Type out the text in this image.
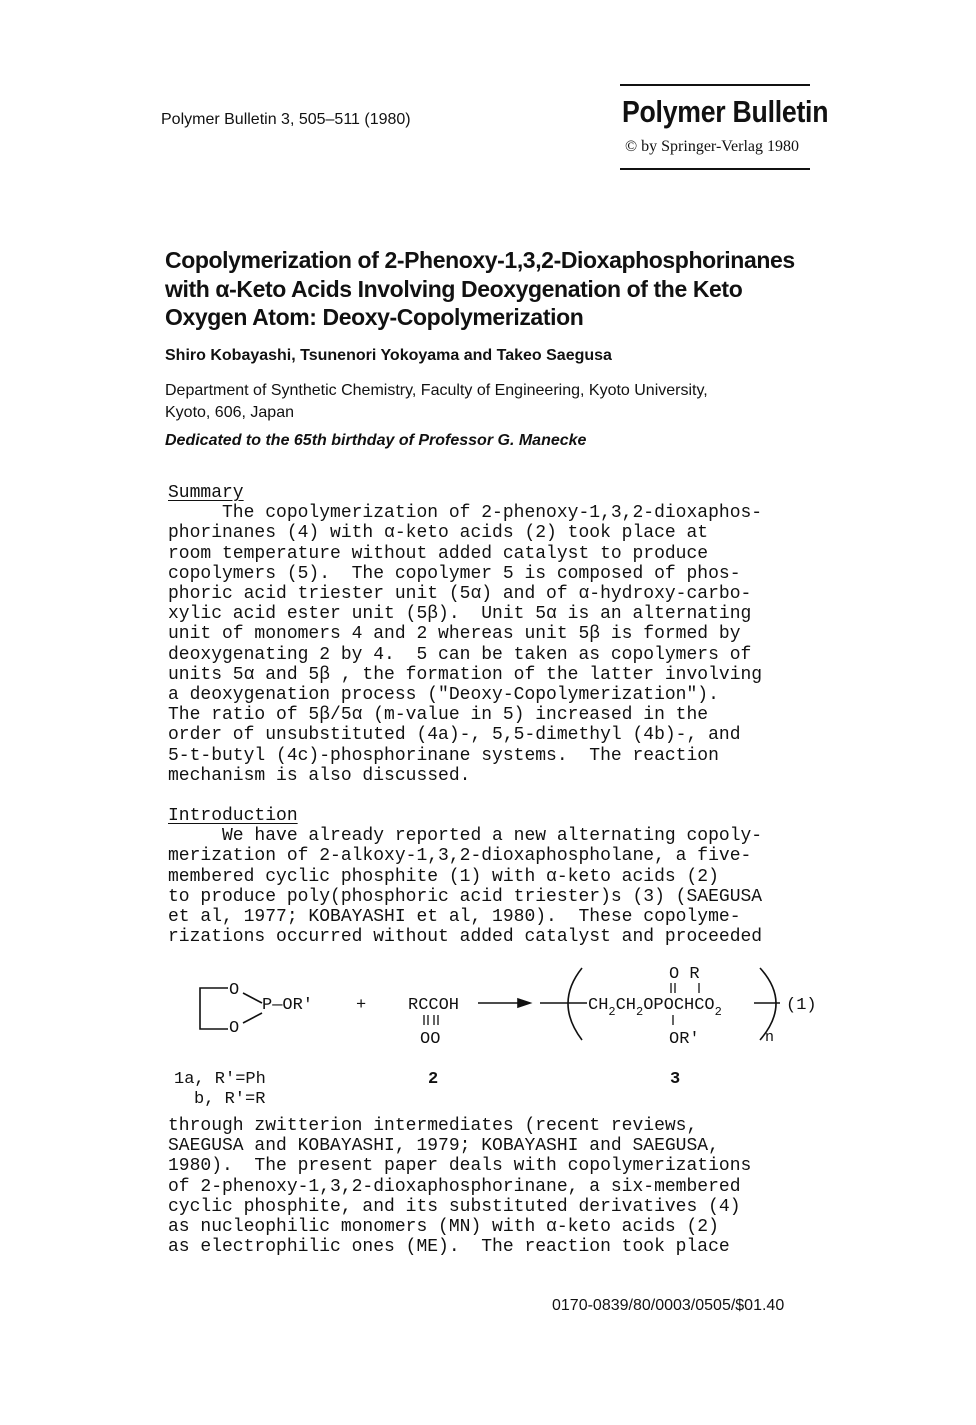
Polymer Bulletin 3, 505–511 (1980)	Polymer Bulletin
© by Springer-Verlag 1980
Copolymerization of 2-Phenoxy-1,3,2-Dioxaphosphorinanes
with α-Keto Acids Involving Deoxygenation of the Keto
Oxygen Atom: Deoxy-Copolymerization
Shiro Kobayashi, Tsunenori Yokoyama and Takeo Saegusa
Department of Synthetic Chemistry, Faculty of Engineering, Kyoto University,
Kyoto, 606, Japan
Dedicated to the 65th birthday of Professor G. Manecke
Summary
The copolymerization of 2-phenoxy-1,3,2-dioxaphos-
phorinanes (4) with α-keto acids (2) took place at
room temperature without added catalyst to produce
copolymers (5).  The copolymer 5 is composed of phos-
phoric acid triester unit (5α) and of α-hydroxy-carbo-
xylic acid ester unit (5β).  Unit 5α is an alternating
unit of monomers 4 and 2 whereas unit 5β is formed by
deoxygenating 2 by 4.  5 can be taken as copolymers of
units 5α and 5β , the formation of the latter involving
a deoxygenation process ("Deoxy-Copolymerization").
The ratio of 5β/5α (m-value in 5) increased in the
order of unsubstituted (4a)-, 5,5-dimethyl (4b)-, and
5-t-butyl (4c)-phosphorinane systems.  The reaction
mechanism is also discussed.
Introduction
We have already reported a new alternating copoly-
merization of 2-alkoxy-1,3,2-dioxaphospholane, a five-
membered cyclic phosphite (1) with α-keto acids (2)
to produce poly(phosphoric acid triester)s (3) (SAEGUSA
et al, 1977; KOBAYASHI et al, 1980).  These copolyme-
rizations occurred without added catalyst and proceeded
O
O
P—OR'	+ RCCOH
OO
O R
$CH_2CH_2OPOCHCO_2$
OR'	n
(1)
1a, R'=Ph
b, R'=R
2	3
through zwitterion intermediates (recent reviews,
SAEGUSA and KOBAYASHI, 1979; KOBAYASHI and SAEGUSA,
1980).  The present paper deals with copolymerizations
of 2-phenoxy-1,3,2-dioxaphosphorinane, a six-membered
cyclic phosphite, and its substituted derivatives (4)
as nucleophilic monomers (MN) with α-keto acids (2)
as electrophilic ones (ME).  The reaction took place
0170-0839/80/0003/0505/$01.40
